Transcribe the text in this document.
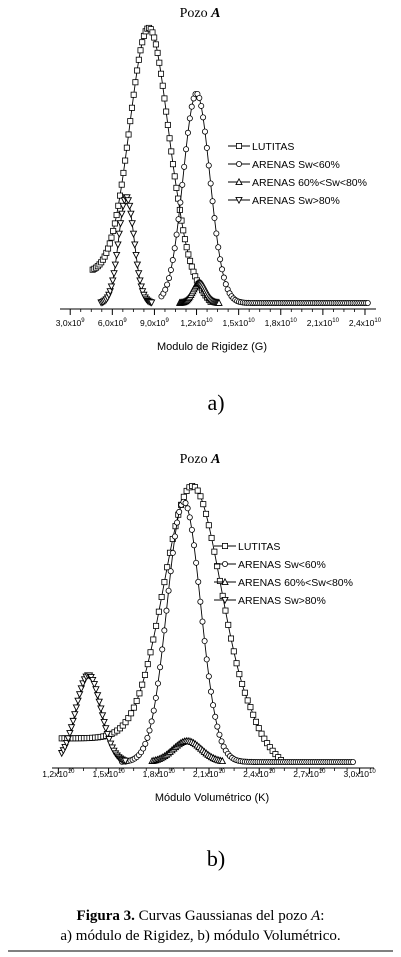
Pozo A
$3,0x10^9$ $6,0x10^9$ $9,0x10^9$ $1,2x10^{10}$ $1,5x10^{10}$ $1,8x10^{10}$ $2,1x10^{10}$ $2,4x10^{10}$
Modulo de Rigidez (G)
LUTITAS
ARENAS Sw<60%
ARENAS 60%<Sw<80%
ARENAS Sw>80%
a)
Pozo A
$1,2x10^{10}$ $1,5x10^{10}$ $1,8x10^{10}$ $2,1x10^{10}$ $2,4x10^{10}$ $2,7x10^{10}$ $3,0x10^{10}$
Módulo Volumétrico (K)
LUTITAS
ARENAS Sw<60%
ARENAS 60%<Sw<80%
ARENAS Sw>80%
b)
Figura 3. Curvas Gaussianas del pozo A:
a) módulo de Rigidez, b) módulo Volumétrico.
